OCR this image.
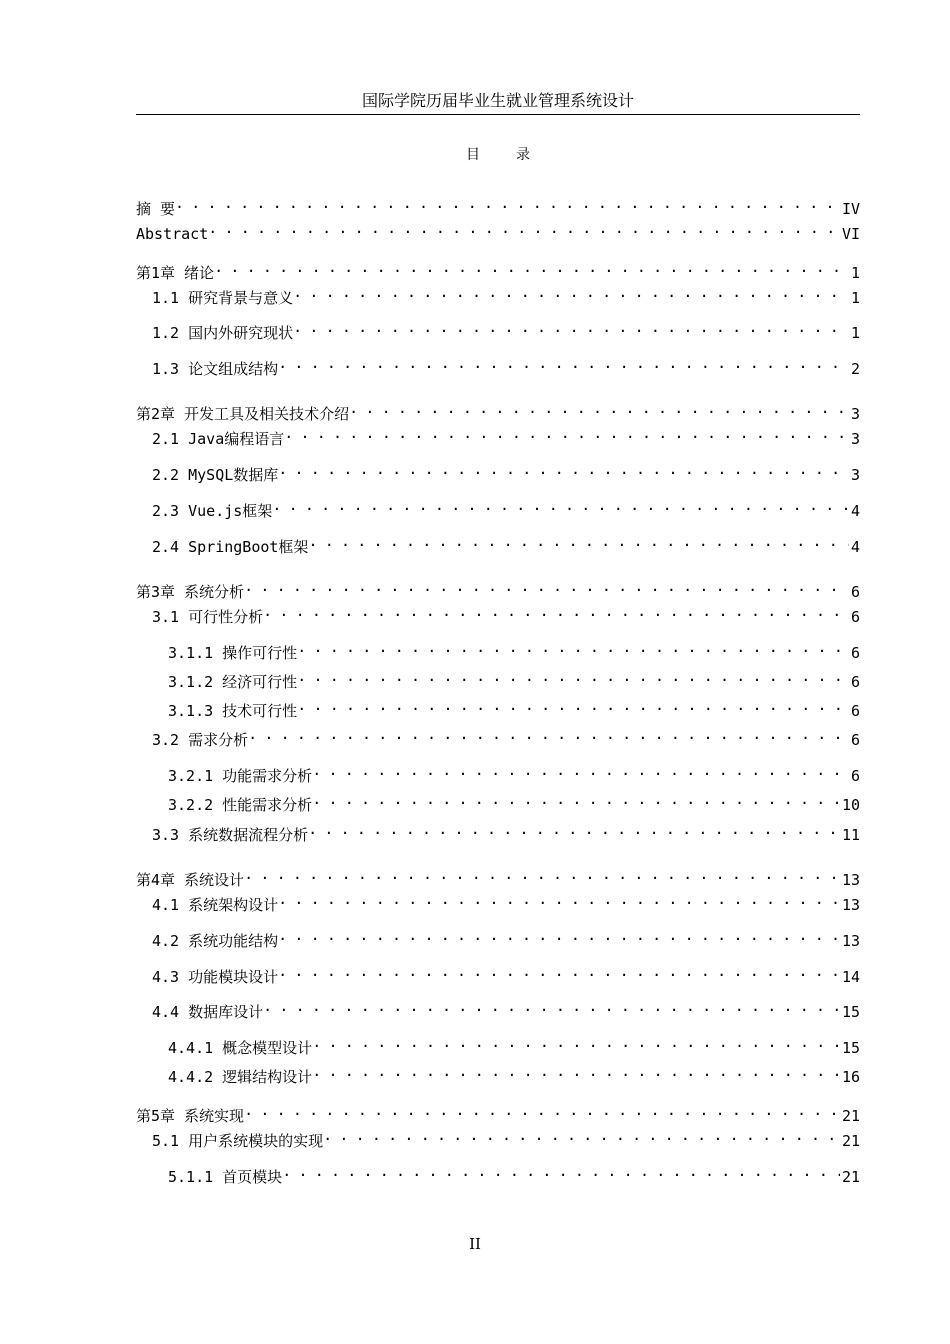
国际学院历届毕业生就业管理系统设计
目	录
摘 要 . . .	IV
Abstract . . .	VI
第1章 绪论 . . .	1
1.1 研究背景与意义 . . .	1
1.2 国内外研究现状 . . .	1
1.3 论文组成结构 . . .	2
第2章 开发工具及相关技术介绍 . . .	3
2.1 Java编程语言 . . .	3
2.2 MySQL数据库 . . .	3
2.3 Vue.js框架 . . .	4
2.4 SpringBoot框架 . . .	4
第3章 系统分析 . . .	6
3.1 可行性分析 . . .	6
3.1.1 操作可行性 . . .	6
3.1.2 经济可行性 . . .	6
3.1.3 技术可行性 . . .	6
3.2 需求分析 . . .	6
3.2.1 功能需求分析 . . .	6
3.2.2 性能需求分析 . . .	10
3.3 系统数据流程分析 . . .	11
第4章 系统设计 . . .	13
4.1 系统架构设计 . . .	13
4.2 系统功能结构 . . .	13
4.3 功能模块设计 . . .	14
4.4 数据库设计 . . .	15
4.4.1 概念模型设计 . . .	15
4.4.2 逻辑结构设计 . . .	16
第5章 系统实现 . . .	21
5.1 用户系统模块的实现 . . .	21
5.1.1 首页模块 . . .	21
II
